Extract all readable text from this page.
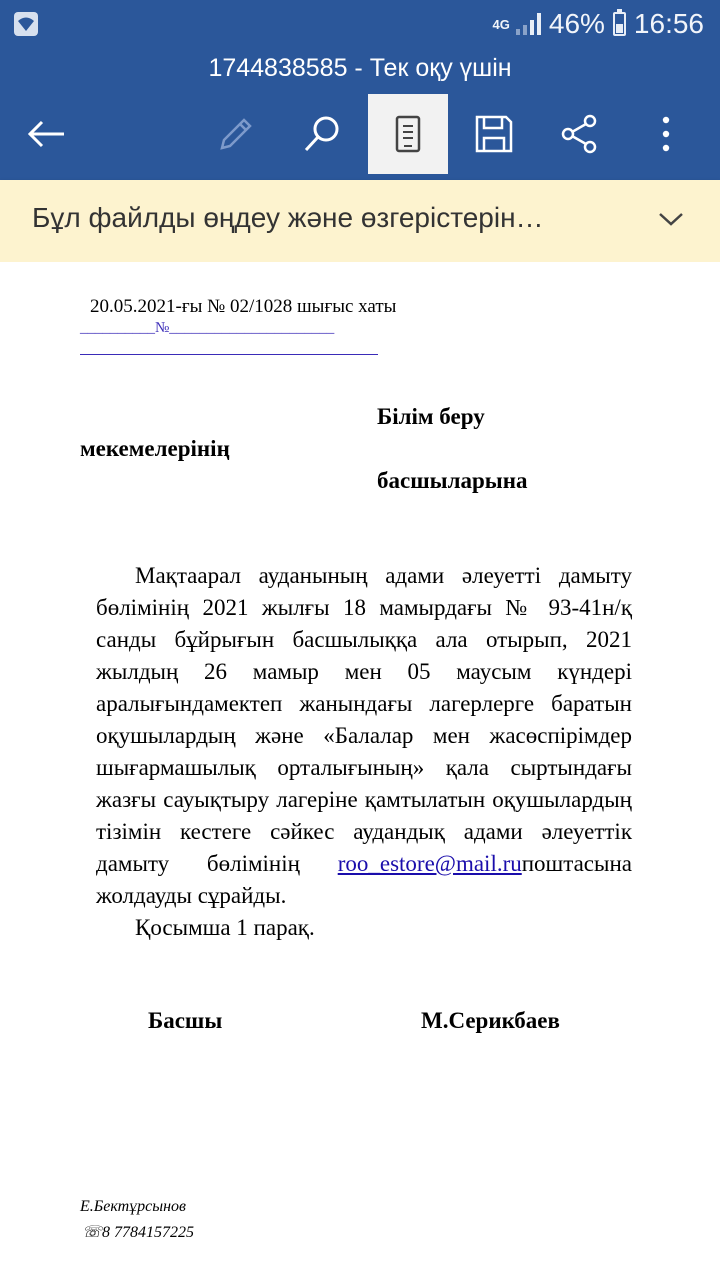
4G 46% 16:56
1744838585 - Тек оқу үшін
Бұл файлды өңдеу және өзгерістерін…
20.05.2021-ғы № 02/1028 шығыс хаты
__________№______________________
Білім беру
мекемелерінің
басшыларына

Мақтаарал ауданының адами әлеуетті дамыту бөлімінің 2021 жылғы 18 мамырдағы № 93-41н/қ санды бұйрығын басшылыққа ала отырып, 2021 жылдың 26 мамыр мен 05 маусым күндері аралығындамектеп жанындағы лагерлерге баратын оқушылардың және «Балалар мен жасөспірімдер шығармашылық орталығының» қала сыртындағы жазғы сауықтыру лагеріне қамтылатын оқушылардың тізімін кестеге сәйкес аудандық адами әлеуеттік дамыту бөлімінің roo_estore@mail.ruпоштасына жолдауды сұрайды.

Қосымша 1 парақ.

Басшы	М.Серикбаев
Е.Бектұрсынов
☏8 7784157225
